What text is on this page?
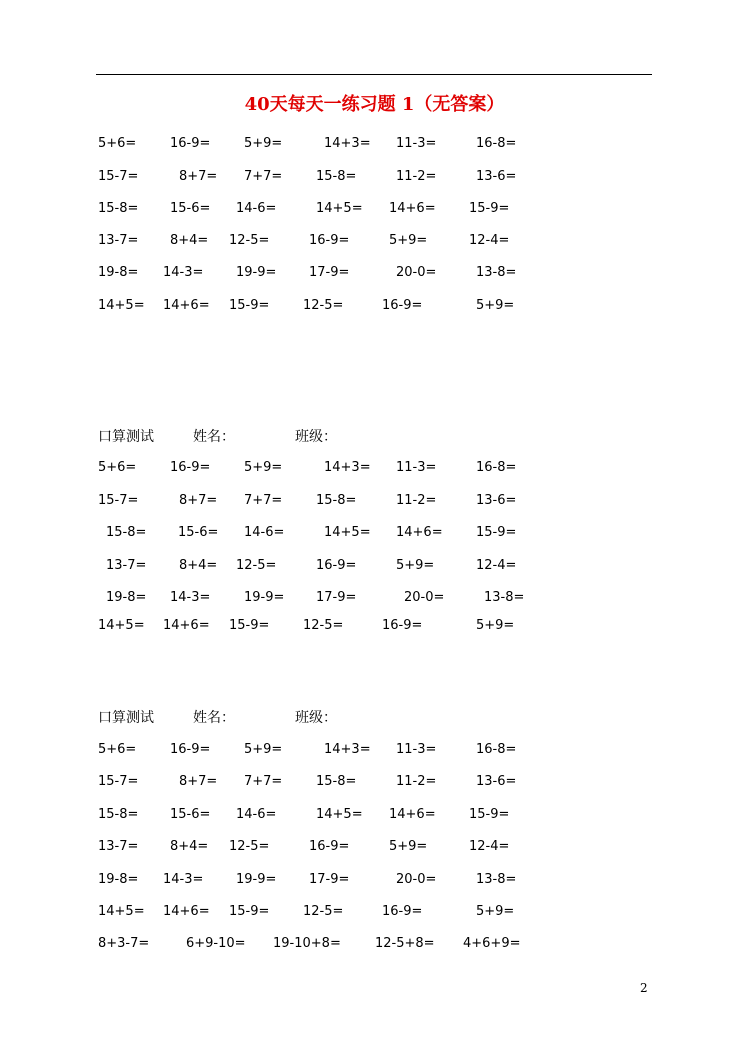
40天每天一练习题 1（无答案）
口算测试	姓名：	班级：
口算测试	姓名：	班级：
5+6=	16-9=	5+9=	14+3= 11-3=	16-8=
15-7=	8+7= 7+7=	15-8=	11-2=	13-6=
15-8= 15-6= 14-6=	14+5= 14+6=	15-9=
13-7= 8+4= 12-5=	16-9=	5+9=	12-4=
19-8= 14-3=	19-9=	17-9=	20-0=	13-8=
14+5= 14+6= 15-9=	12-5=	16-9=	5+9=
5+6=	16-9=	5+9=	14+3= 11-3=	16-8=
15-7=	8+7= 7+7=	15-8=	11-2=	13-6=
15-8= 15-6= 14-6=	14+5= 14+6=	15-9=
13-7=	8+4= 12-5=	16-9=	5+9=	12-4=
19-8= 14-3=	19-9= 17-9=	20-0=	13-8=
14+5= 14+6= 15-9=	12-5=	16-9=	5+9=
5+6=	16-9=	5+9=	14+3= 11-3=	16-8=
15-7=	8+7= 7+7=	15-8=	11-2=	13-6=
15-8= 15-6= 14-6=	14+5= 14+6=	15-9=
13-7= 8+4= 12-5=	16-9=	5+9=	12-4=
19-8= 14-3=	19-9=	17-9=	20-0=	13-8=
14+5= 14+6= 15-9=	12-5=	16-9=	5+9=
8+3-7=	6+9-10= 19-10+8=	12-5+8= 4+6+9=
2
